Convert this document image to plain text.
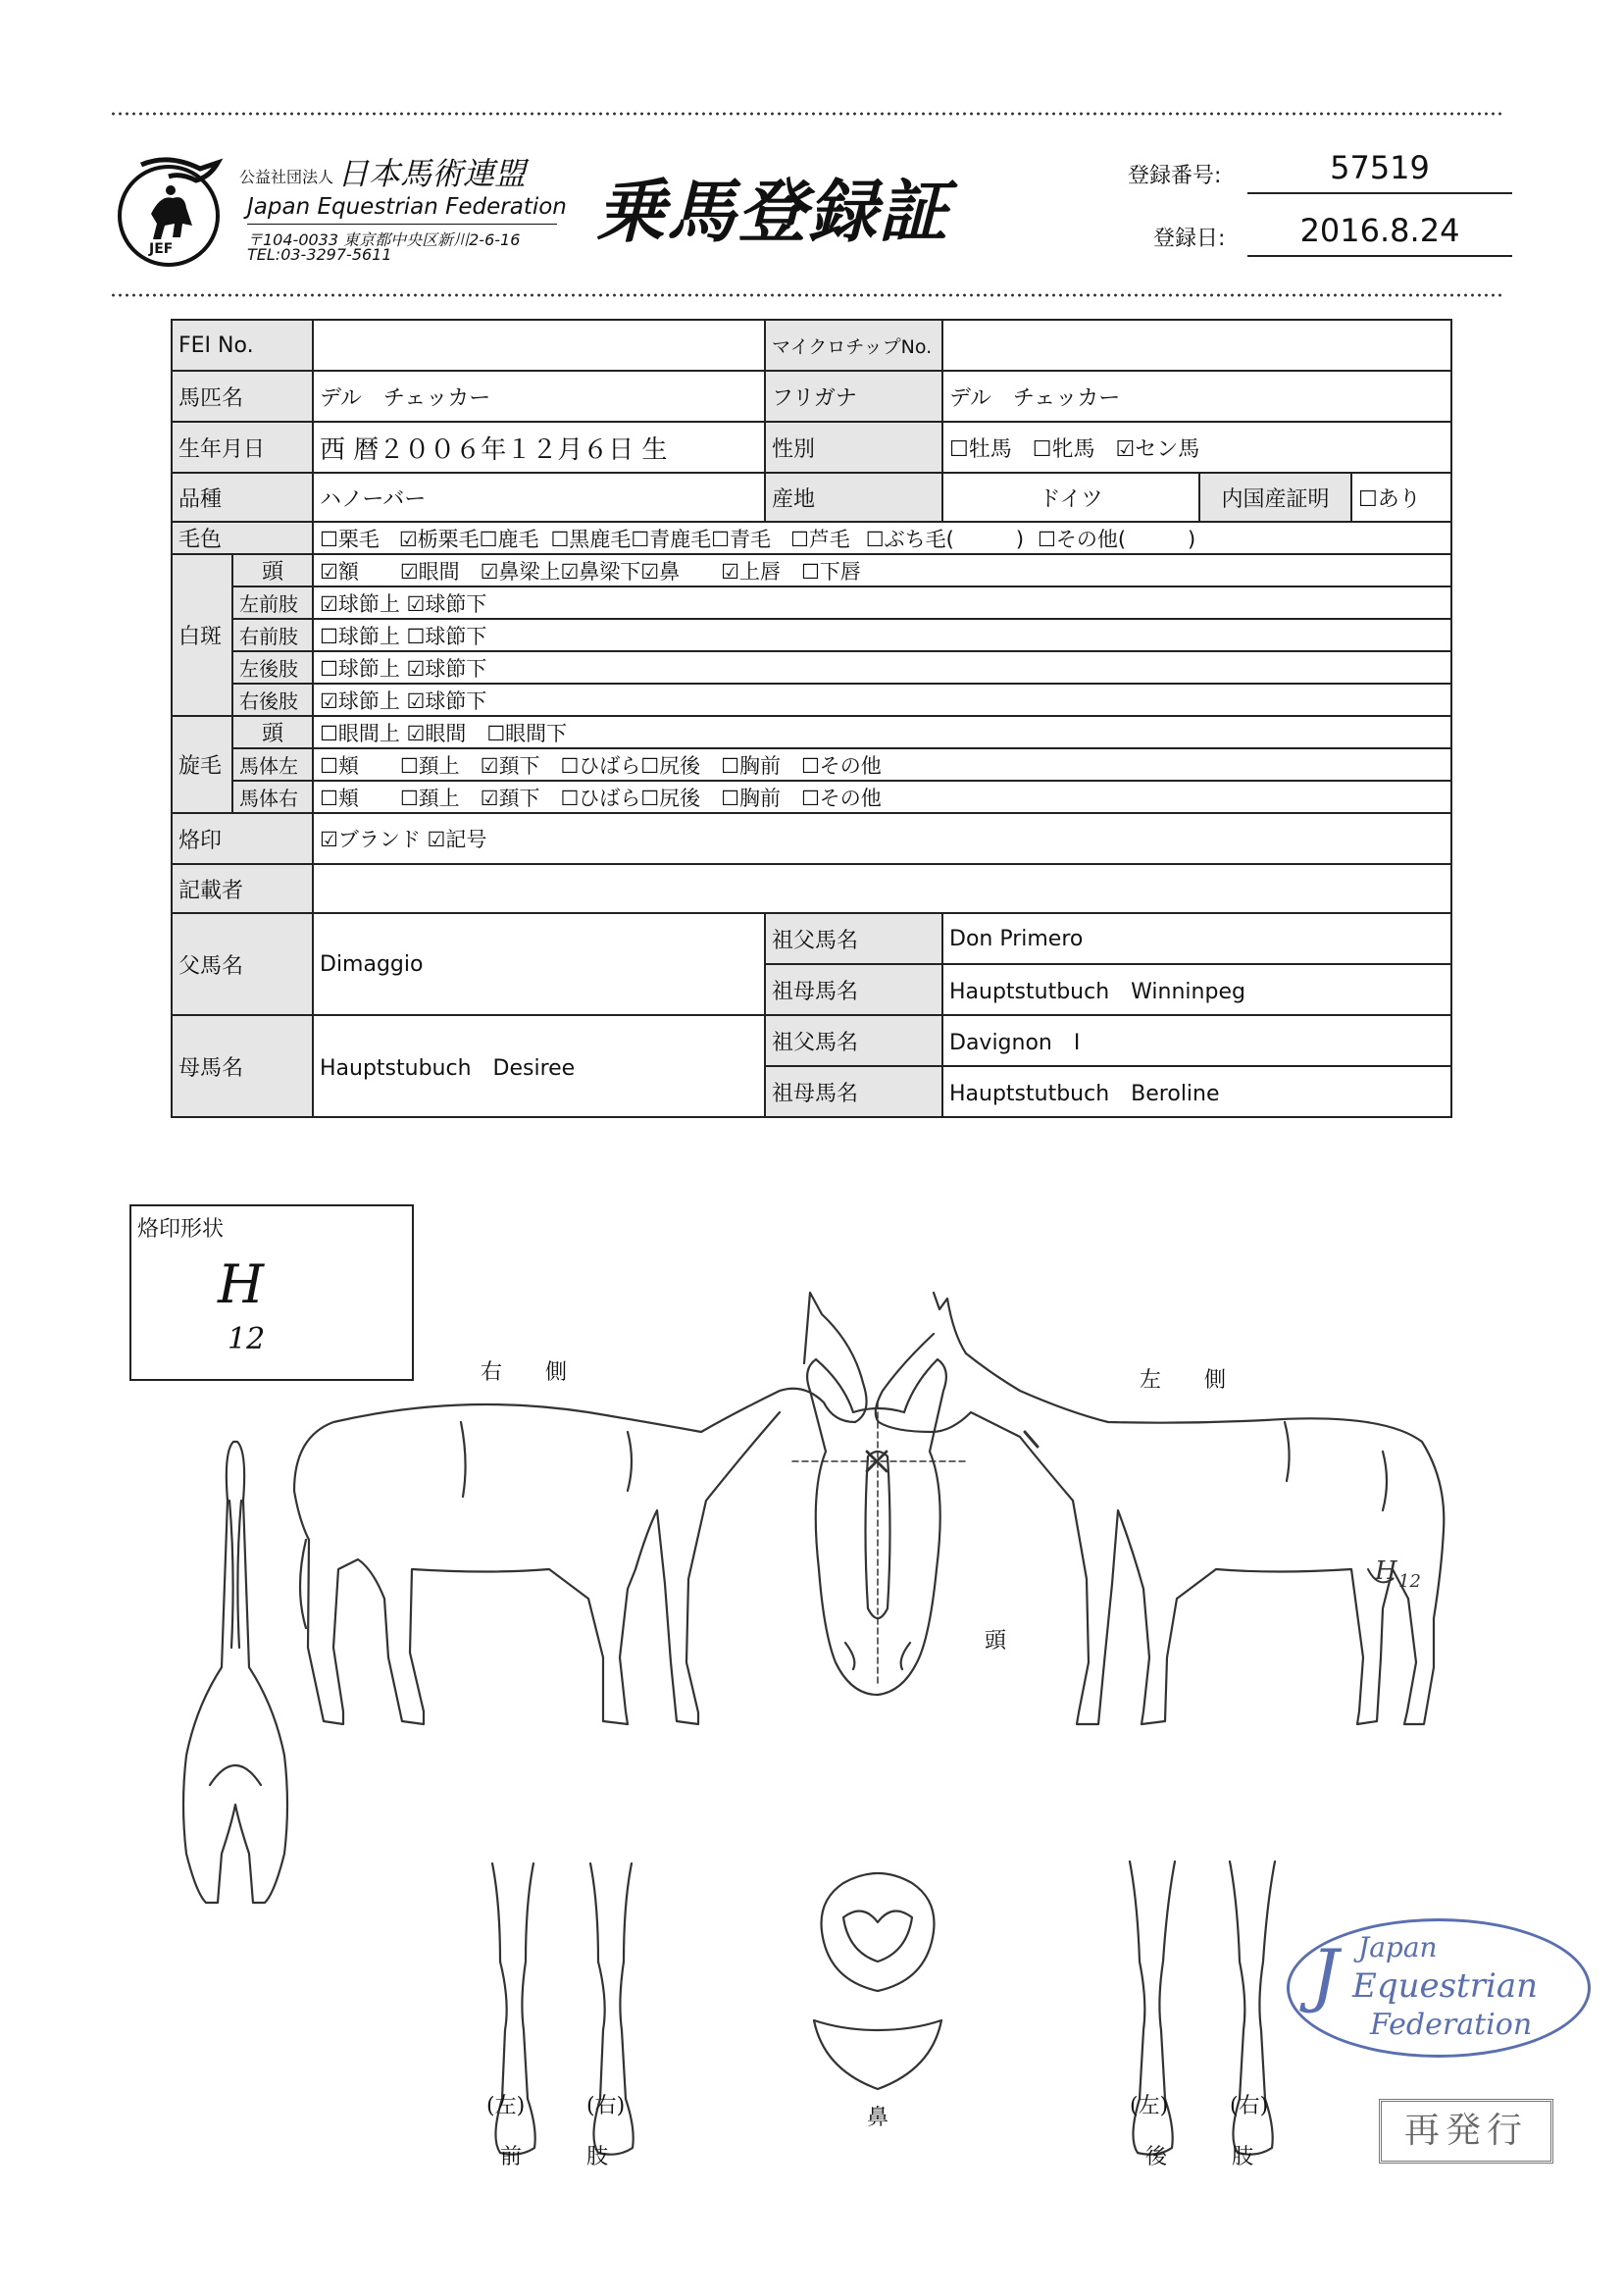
JEF
公益社団法人 日本馬術連盟
Japan Equestrian Federation
〒104-0033 東京都中央区新川2-6-16
TEL:03-3297-5611
乗馬登録証	登録番号:	57519
登録日:	2016.8.24
FEI No.			マイクロチップNo.			
馬匹名		デル　チェッカー	フリガナ	デル　チェッカー		
生年月日		西 暦２００６年１２月６日 生	性別	☐牡馬 ☐牝馬 ☑セン馬		
品種		ハノーバー	産地	ドイツ	内国産証明	☐あり
毛色		☐栗毛 ☑栃栗毛☐鹿毛 ☐黒鹿毛☐青鹿毛☐青毛 ☐芦毛 ☐ぶち毛(　　　) ☐その他(　　　)				
白斑	頭	☑額　　☑眼間　☑鼻梁上☑鼻梁下☑鼻　　☑上唇　☐下唇				
	左前肢	☑球節上 ☑球節下				
	右前肢	☐球節上 ☐球節下				
	左後肢	☐球節上 ☑球節下				
	右後肢	☑球節上 ☑球節下				
旋毛	頭	☐眼間上 ☑眼間　☐眼間下				
	馬体左	☐頬　　☐頚上　☑頚下　☐ひばら☐尻後　☐胸前　☐その他				
	馬体右	☐頬　　☐頚上　☑頚下　☐ひばら☐尻後　☐胸前　☐その他				
烙印		☑ブランド ☑記号				
記載者						
父馬名		Dimaggio	祖父馬名	Don Primero		
			祖母馬名	Hauptstutbuch　Winninpeg		
母馬名		Hauptstubuch　Desiree	祖父馬名	Davignon　I		
			祖母馬名	Hauptstutbuch　Beroline		
烙印形状
H
12
H 12
右　　側	左　　側
頭
鼻
(左)	(右)
前　　　肢
(左)	(右)
後　　　肢
Japan
Equestrian
Federation
J
再発行
